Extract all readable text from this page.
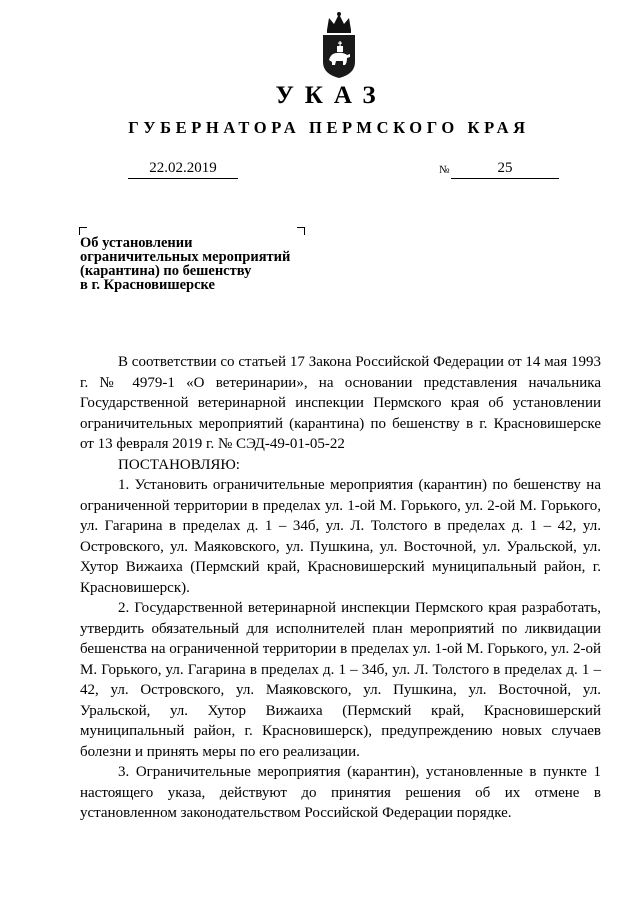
УКАЗ
ГУБЕРНАТОРА ПЕРМСКОГО КРАЯ
22.02.2019	№	25
Об установлении
ограничительных мероприятий
(карантина) по бешенству
в г. Красновишерске

В соответствии со статьей 17 Закона Российской Федерации от 14 мая 1993 г. № 4979-1 «О ветеринарии», на основании представления начальника Государственной ветеринарной инспекции Пермского края об установлении ограничительных мероприятий (карантина) по бешенству в г. Красновишерске от 13 февраля 2019 г. № СЭД-49-01-05-22

ПОСТАНОВЛЯЮ:

1. Установить ограничительные мероприятия (карантин) по бешенству на ограниченной территории в пределах ул. 1-ой М. Горького, ул. 2-ой М. Горького, ул. Гагарина в пределах д. 1 – 34б, ул. Л. Толстого в пределах д. 1 – 42, ул. Островского, ул. Маяковского, ул. Пушкина, ул. Восточной, ул. Уральской, ул. Хутор Вижаиха (Пермский край, Красновишерский муниципальный район, г. Красновишерск).

2. Государственной ветеринарной инспекции Пермского края разработать, утвердить обязательный для исполнителей план мероприятий по ликвидации бешенства на ограниченной территории в пределах ул. 1-ой М. Горького, ул. 2-ой М. Горького, ул. Гагарина в пределах д. 1 – 34б, ул. Л. Толстого в пределах д. 1 – 42, ул. Островского, ул. Маяковского, ул. Пушкина, ул. Восточной, ул. Уральской, ул. Хутор Вижаиха (Пермский край, Красновишерский муниципальный район, г. Красновишерск), предупреждению новых случаев болезни и принять меры по его реализации.

3. Ограничительные мероприятия (карантин), установленные в пункте 1 настоящего указа, действуют до принятия решения об их отмене в установленном законодательством Российской Федерации порядке.
